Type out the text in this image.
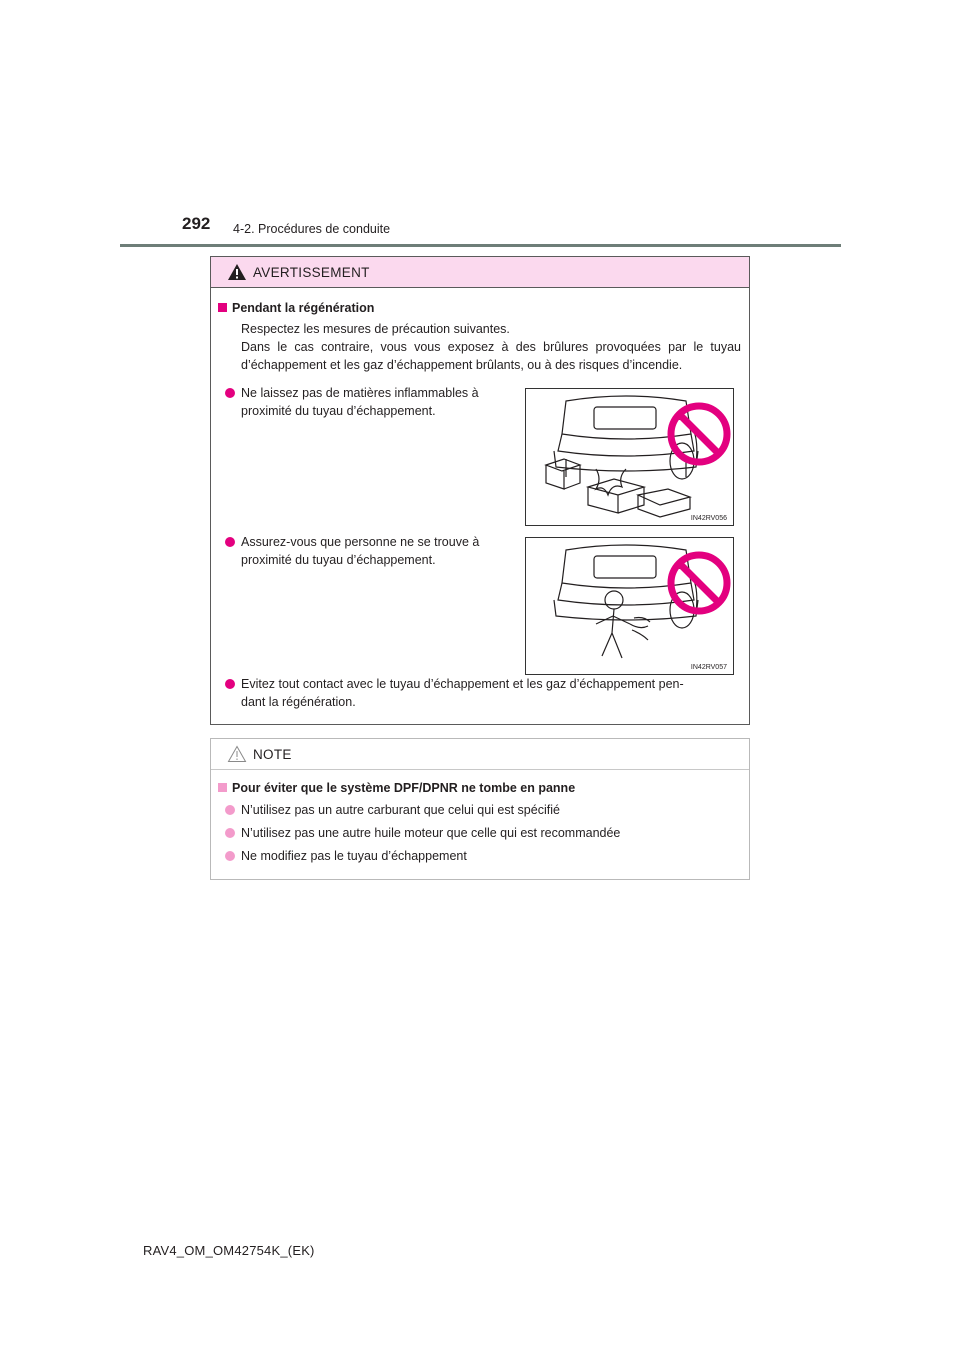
292 4-2. Procédures de conduite
AVERTISSEMENT
Pendant la régénération
Respectez les mesures de précaution suivantes.
Dans le cas contraire, vous vous exposez à des brûlures provoquées par le tuyau d’échappement et les gaz d’échappement brûlants, ou à des risques d’incendie.
Ne laissez pas de matières inflammables à
proximité du tuyau d’échappement.
IN42RV056
Assurez-vous que personne ne se trouve à
proximité du tuyau d’échappement.
IN42RV057
Evitez tout contact avec le tuyau d’échappement et les gaz d’échappement pen-
dant la régénération.
NOTE
Pour éviter que le système DPF/DPNR ne tombe en panne
N’utilisez pas un autre carburant que celui qui est spécifié
N’utilisez pas une autre huile moteur que celle qui est recommandée
Ne modifiez pas le tuyau d’échappement
RAV4_OM_OM42754K_(EK)
